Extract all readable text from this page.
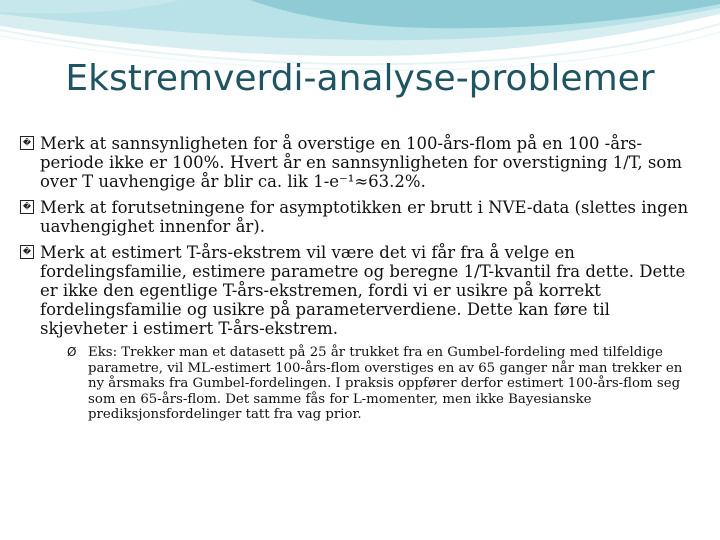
Ekstremverdi-analyse-problemer
� Merk at sannsynligheten for å overstige en 100-års-flom på en 100 -års-periode ikke er 100%. Hvert år en sannsynligheten for overstigning 1/T, som over T uavhengige år blir ca. lik 1-e⁻¹≈63.2%.
� Merk at forutsetningene for asymptotikken er brutt i NVE-data (slettes ingen uavhengighet innenfor år).
� Merk at estimert T-års-ekstrem vil være det vi får fra å velge en fordelingsfamilie, estimere parametre og beregne 1/T-kvantil fra dette. Dette er ikke den egentlige T-års-ekstremen, fordi vi er usikre på korrekt fordelingsfamilie og usikre på parameterverdiene. Dette kan føre til skjevheter i estimert T-års-ekstrem.
Ø Eks: Trekker man et datasett på 25 år trukket fra en Gumbel-fordeling med tilfeldige parametre, vil ML-estimert 100-års-flom overstiges en av 65 ganger når man trekker en ny årsmaks fra Gumbel-fordelingen. I praksis oppfører derfor estimert 100-års-flom seg som en 65-års-flom. Det samme fås for L-momenter, men ikke Bayesianske prediksjonsfordelinger tatt fra vag prior.
